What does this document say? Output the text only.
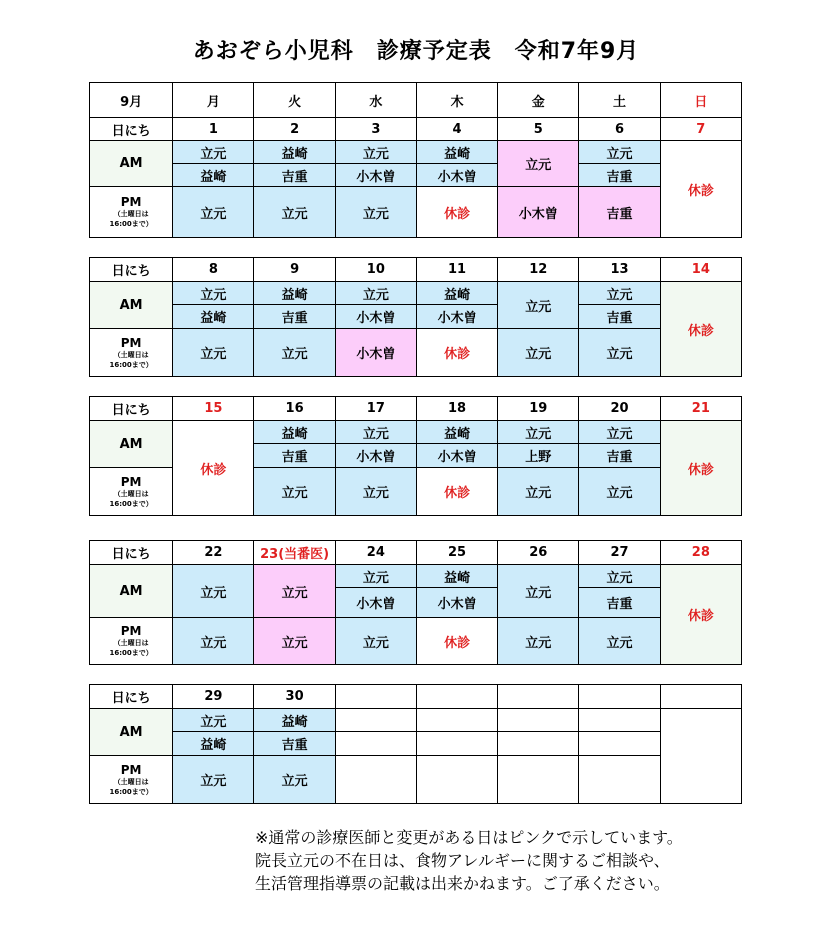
あおぞら小児科　診療予定表　令和7年9月
9月	月	火	水	木	金	土	日
日にち	1	2	3	4	5	6	7
AM	立元	益崎	立元	益崎	立元	立元	休診
	益崎	吉重	小木曽	小木曽		吉重	

PM
（土曜日は
16:00まで）	立元	立元	立元	休診	小木曽	吉重	
日にち	8	9	10	11	12	13	14
AM	立元	益崎	立元	益崎	立元	立元	休診
	益崎	吉重	小木曽	小木曽		吉重	

PM
（土曜日は
16:00まで）	立元	立元	小木曽	休診	立元	立元	
日にち	15	16	17	18	19	20	21
AM	休診	益崎	立元	益崎	立元	立元	休診
		吉重	小木曽	小木曽	上野	吉重	

PM
（土曜日は
16:00まで）		立元	立元	休診	立元	立元	
日にち	22	23(当番医)	24	25	26	27	28
AM	立元	立元	立元	益崎	立元	立元	休診
			小木曽	小木曽		吉重	

PM
（土曜日は
16:00まで）	立元	立元	立元	休診	立元	立元	
日にち	29	30					
AM	立元	益崎					
	益崎	吉重					

PM
（土曜日は
16:00まで）	立元	立元					
※通常の診療医師と変更がある日はピンクで示しています。
院長立元の不在日は、食物アレルギーに関するご相談や、
生活管理指導票の記載は出来かねます。ご了承ください。
